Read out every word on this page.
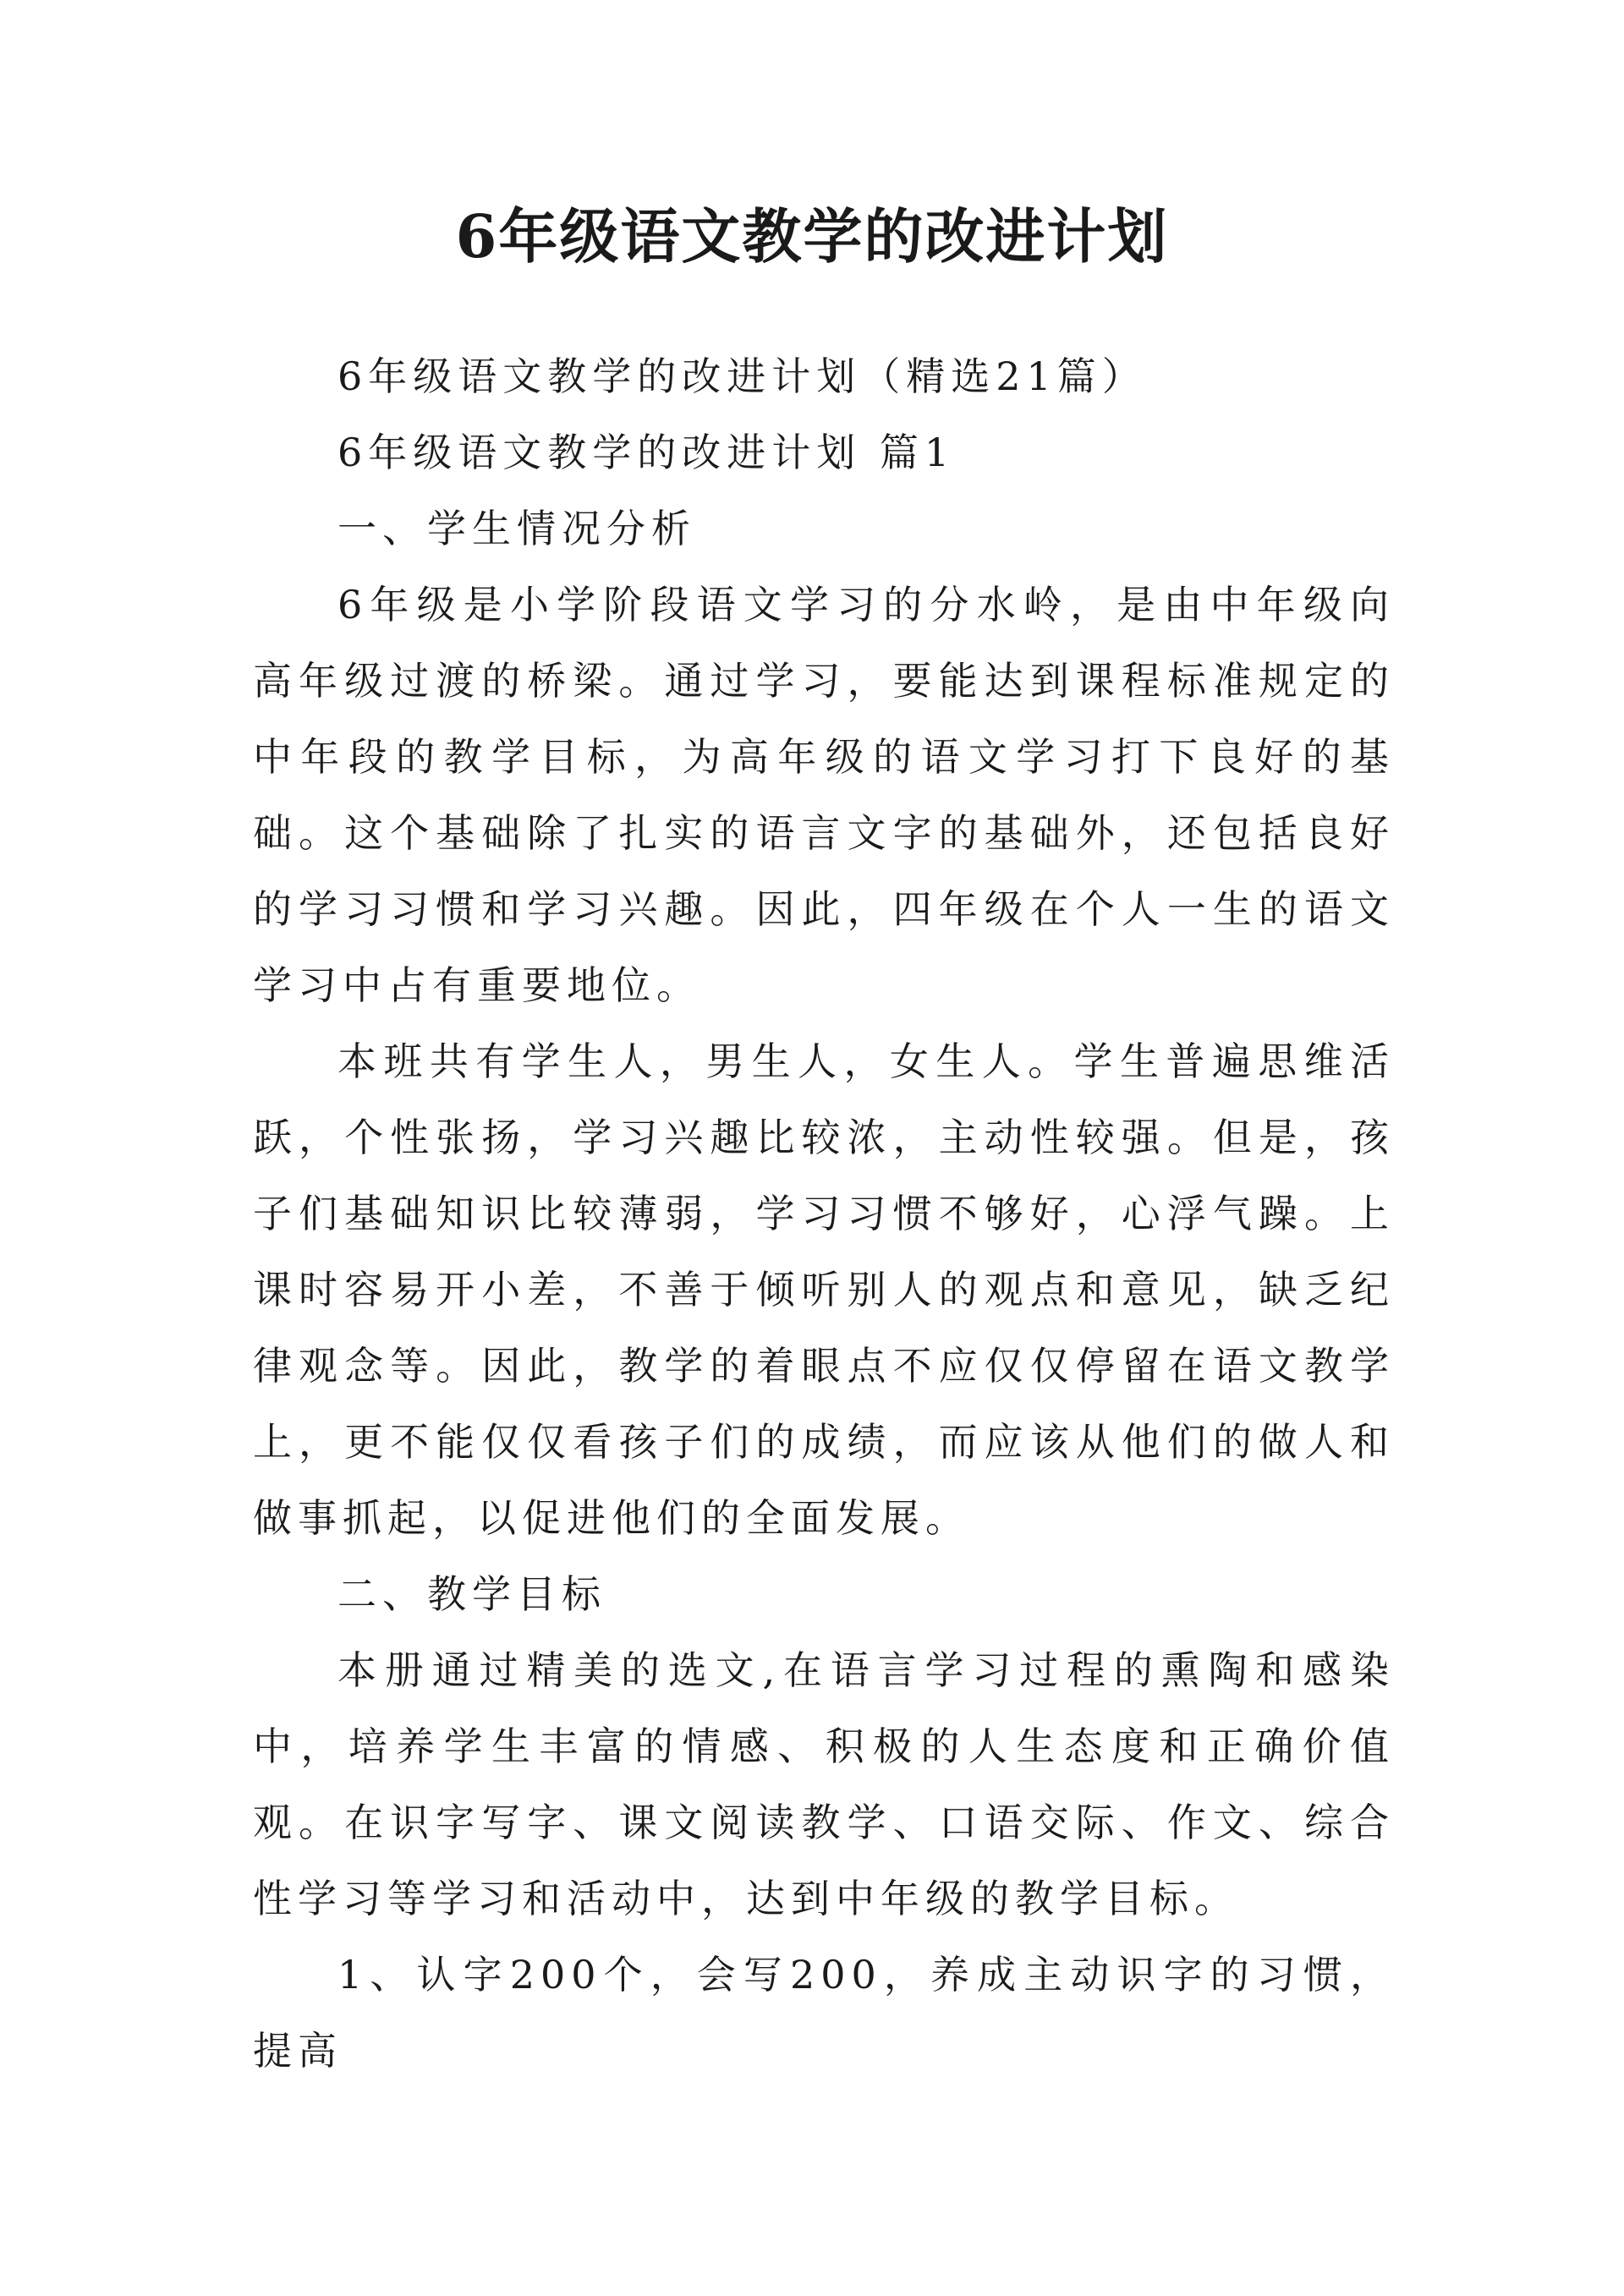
6年级语文教学的改进计划

6年级语文教学的改进计划（精选21篇）

6年级语文教学的改进计划 篇1

一、学生情况分析

6年级是小学阶段语文学习的分水岭，是由中年级向高年级过渡的桥梁。通过学习，要能达到课程标准规定的中年段的教学目标，为高年级的语文学习打下良好的基础。这个基础除了扎实的语言文字的基础外，还包括良好的学习习惯和学习兴趣。因此，四年级在个人一生的语文学习中占有重要地位。

本班共有学生人，男生人，女生人。学生普遍思维活跃，个性张扬，学习兴趣比较浓，主动性较强。但是，孩子们基础知识比较薄弱，学习习惯不够好，心浮气躁。上课时容易开小差，不善于倾听别人的观点和意见，缺乏纪律观念等。因此，教学的着眼点不应仅仅停留在语文教学上，更不能仅仅看孩子们的成绩，而应该从他们的做人和做事抓起，以促进他们的全面发展。

二、教学目标

本册通过精美的选文,在语言学习过程的熏陶和感染中，培养学生丰富的情感、积极的人生态度和正确价值观。在识字写字、课文阅读教学、口语交际、作文、综合性学习等学习和活动中，达到中年级的教学目标。

1、认字200个，会写200，养成主动识字的习惯，提高
